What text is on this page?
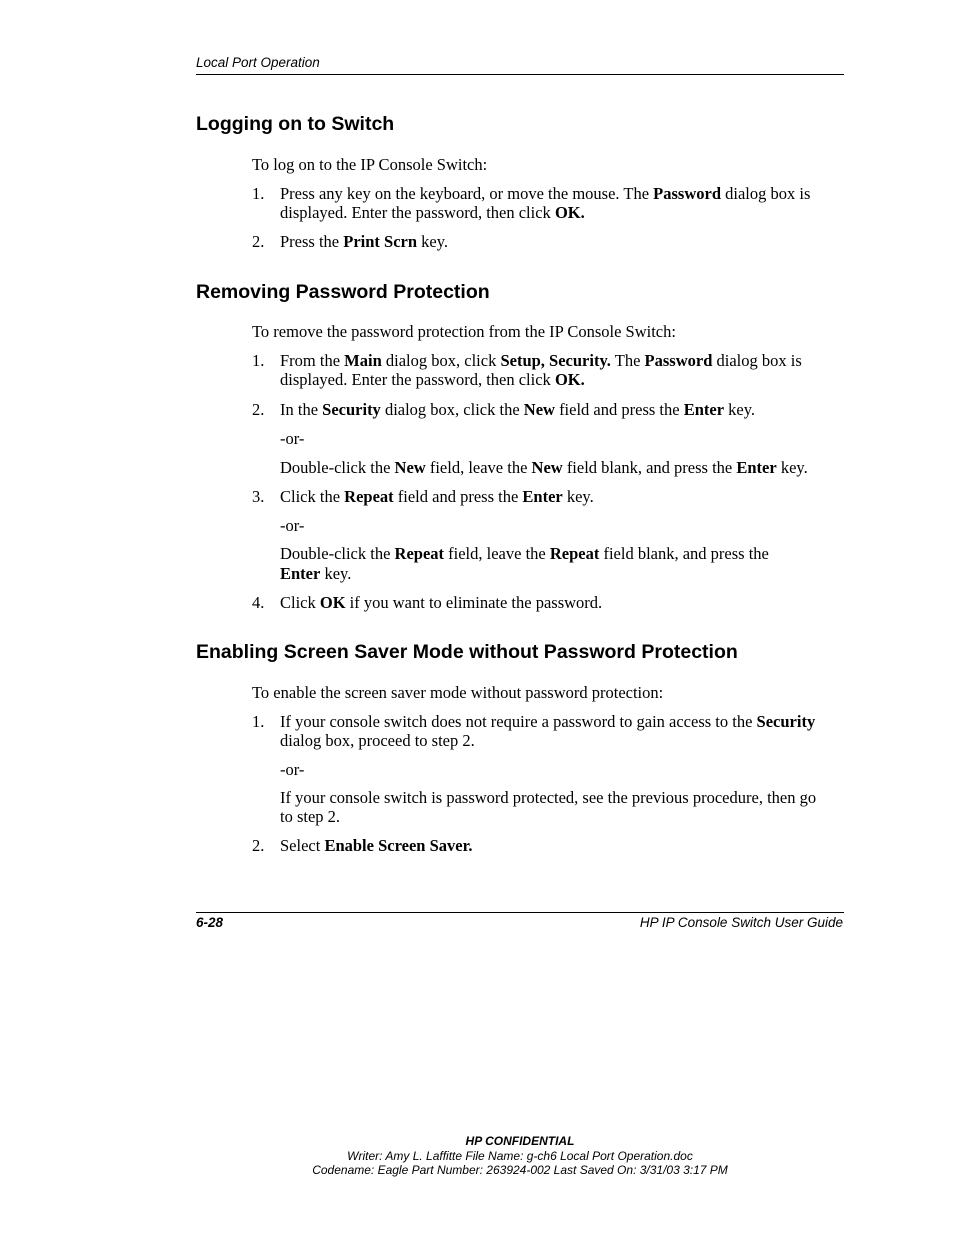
Local Port Operation
Logging on to Switch
To log on to the IP Console Switch:
1. Press any key on the keyboard, or move the mouse. The Password dialog box is
displayed. Enter the password, then click OK.
2. Press the Print Scrn key.
Removing Password Protection
To remove the password protection from the IP Console Switch:
1. From the Main dialog box, click Setup, Security. The Password dialog box is
displayed. Enter the password, then click OK.
2. In the Security dialog box, click the New field and press the Enter key.
-or-
Double-click the New field, leave the New field blank, and press the Enter key.
3. Click the Repeat field and press the Enter key.
-or-
Double-click the Repeat field, leave the Repeat field blank, and press the
Enter key.
4. Click OK if you want to eliminate the password.
Enabling Screen Saver Mode without Password Protection
To enable the screen saver mode without password protection:
1. If your console switch does not require a password to gain access to the Security
dialog box, proceed to step 2.
-or-
If your console switch is password protected, see the previous procedure, then go
to step 2.
2. Select Enable Screen Saver.
6-28	HP IP Console Switch User Guide
HP CONFIDENTIAL
Writer: Amy L. Laffitte File Name: g-ch6 Local Port Operation.doc
Codename: Eagle Part Number: 263924-002 Last Saved On: 3/31/03 3:17 PM
